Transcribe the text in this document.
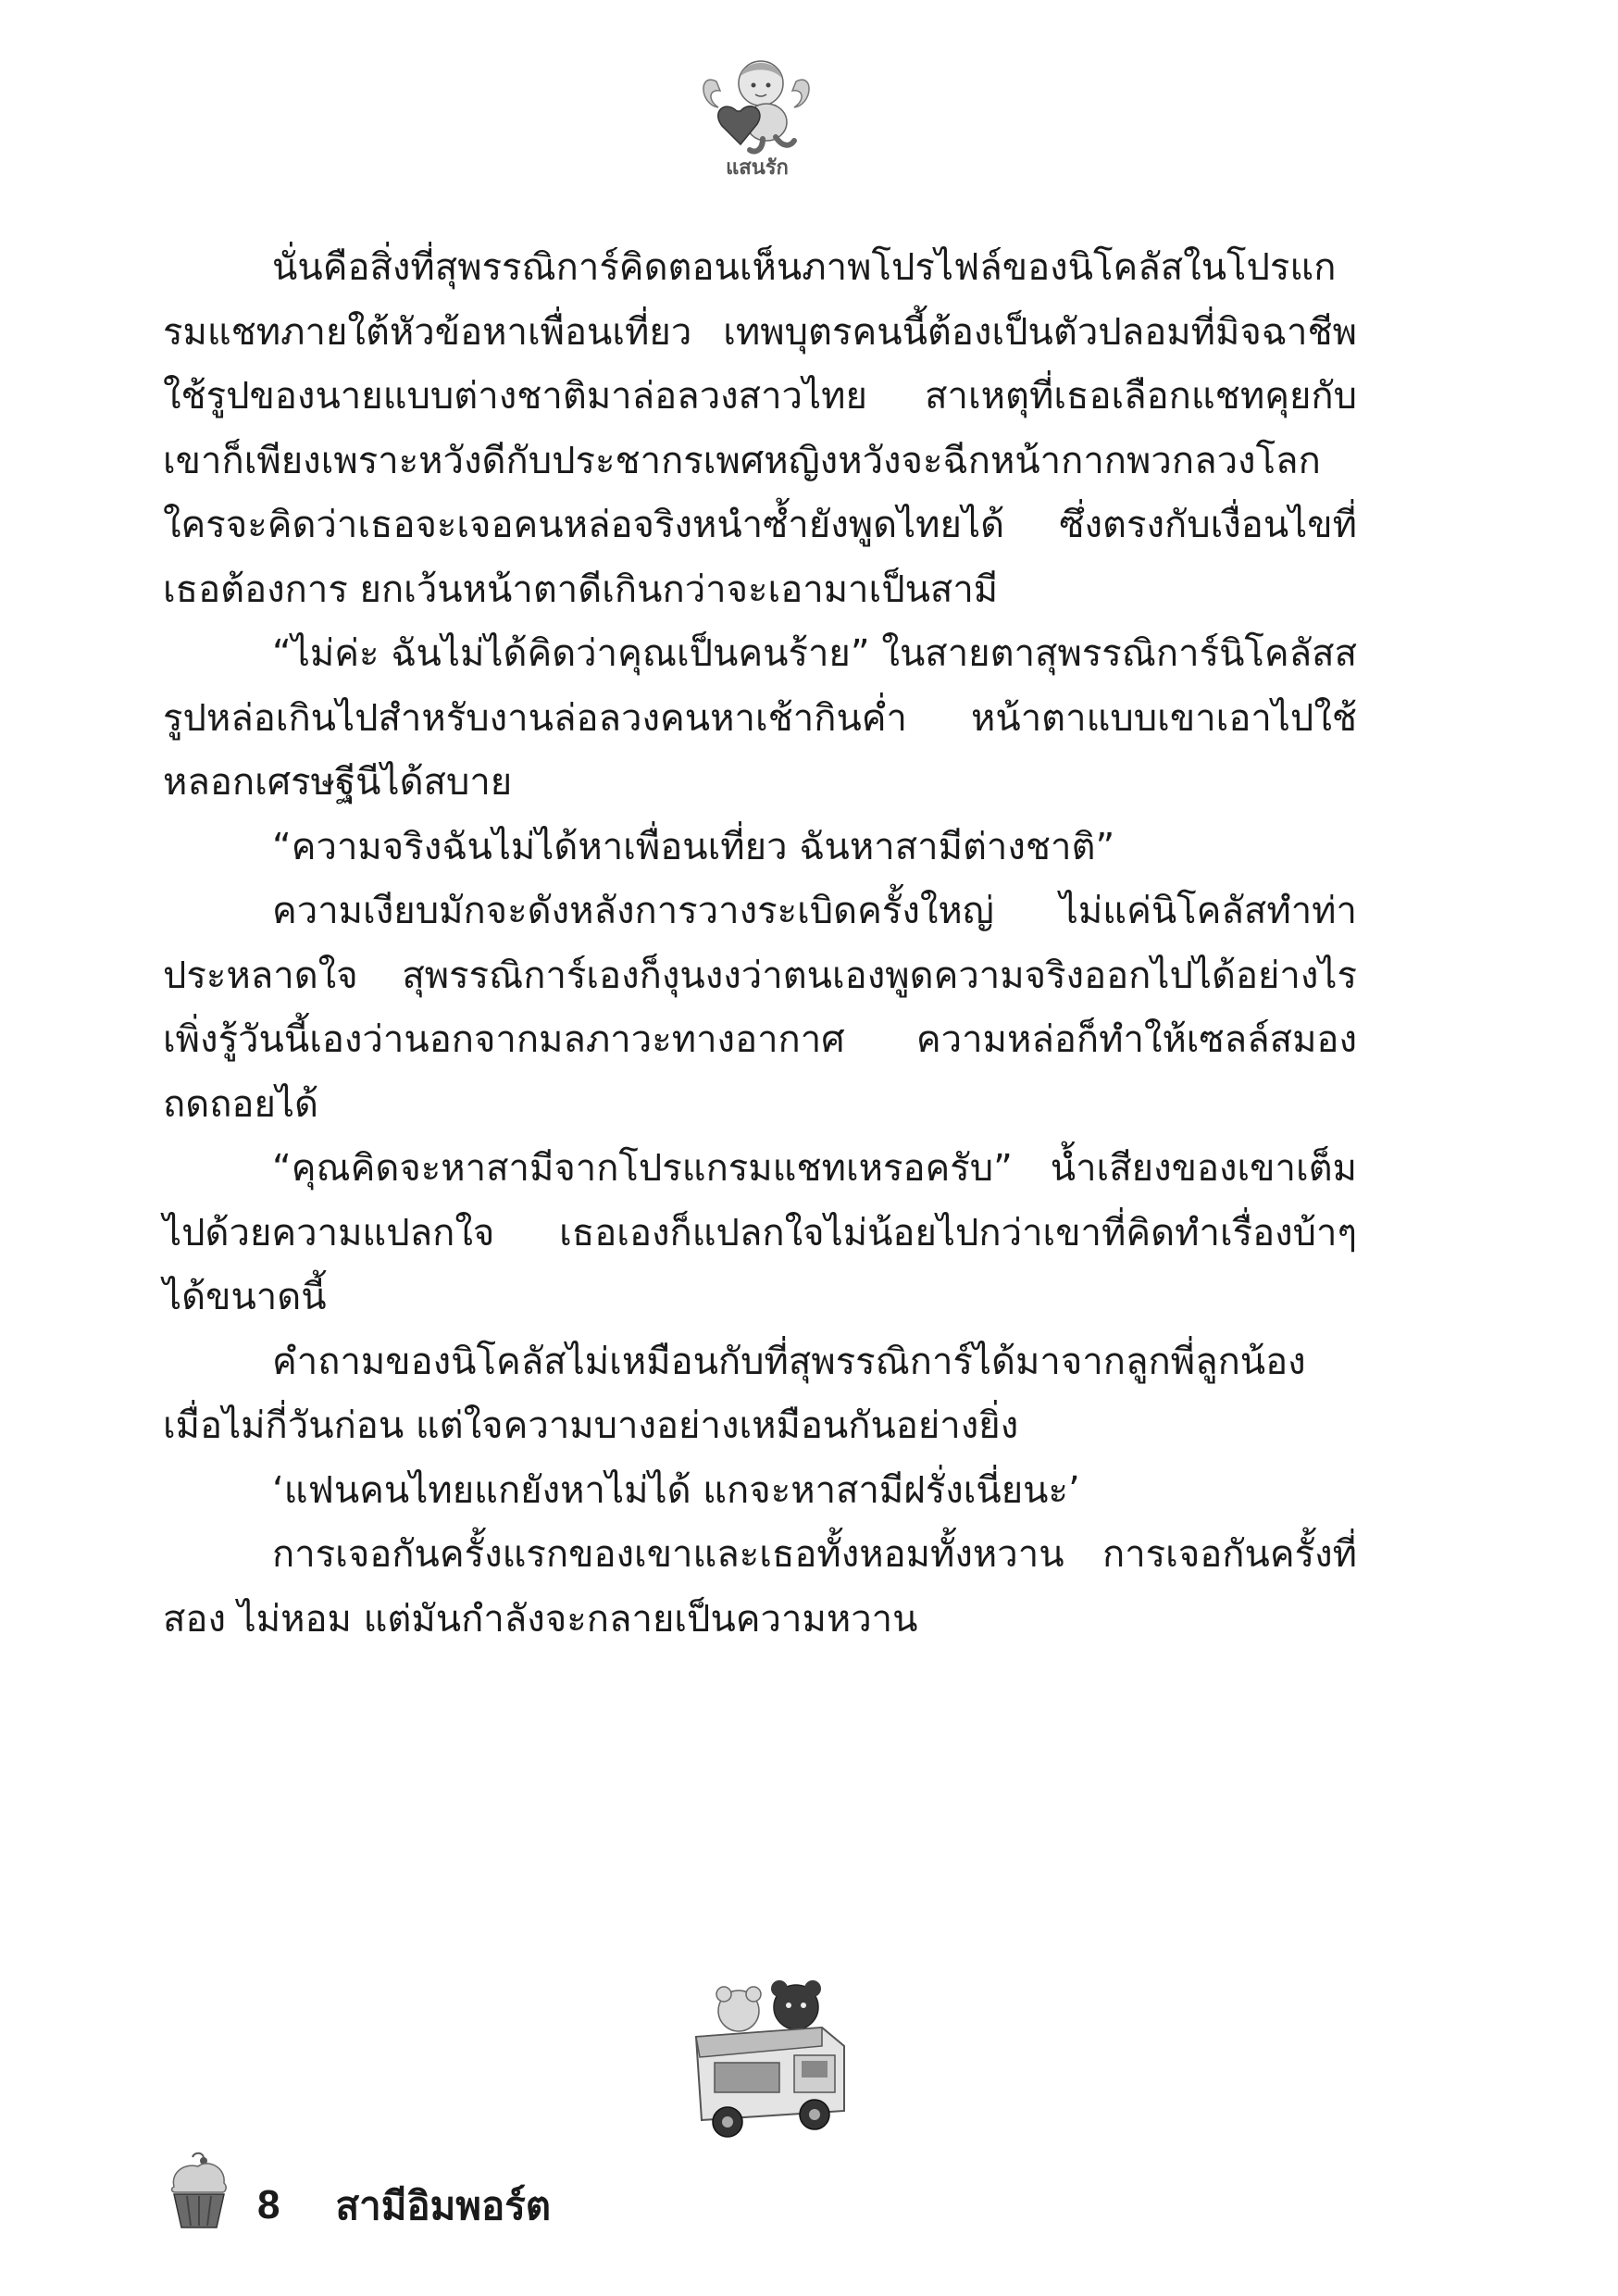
แสนรัก

นั่นคือสิ่งที่สุพรรณิการ์คิดตอนเห็นภาพโปรไฟล์ของนิโคลัสในโปรแกรมแชทภายใต้หัวข้อหาเพื่อนเที่ยว เทพบุตรคนนี้ต้องเป็นตัวปลอมที่มิจฉาชีพใช้รูปของนายแบบต่างชาติมาล่อลวงสาวไทย สาเหตุที่เธอเลือกแชทคุยกับเขาก็เพียงเพราะหวังดีกับประชากรเพศหญิงหวังจะฉีกหน้ากากพวกลวงโลก ใครจะคิดว่าเธอจะเจอคนหล่อจริงหนำซ้ำยังพูดไทยได้ ซึ่งตรงกับเงื่อนไขที่เธอต้องการ ยกเว้นหน้าตาดีเกินกว่าจะเอามาเป็นสามี

“ไม่ค่ะ ฉันไม่ได้คิดว่าคุณเป็นคนร้าย” ในสายตาสุพรรณิการ์นิโคลัสสรูปหล่อเกินไปสำหรับงานล่อลวงคนหาเช้ากินค่ำ หน้าตาแบบเขาเอาไปใช้หลอกเศรษฐีนีได้สบาย

“ความจริงฉันไม่ได้หาเพื่อนเที่ยว ฉันหาสามีต่างชาติ”

ความเงียบมักจะดังหลังการวางระเบิดครั้งใหญ่ ไม่แค่นิโคลัสทำท่าประหลาดใจ สุพรรณิการ์เองก็งุนงงว่าตนเองพูดความจริงออกไปได้อย่างไร เพิ่งรู้วันนี้เองว่านอกจากมลภาวะทางอากาศ ความหล่อก็ทำให้เซลล์สมองถดถอยได้

“คุณคิดจะหาสามีจากโปรแกรมแชทเหรอครับ” น้ำเสียงของเขาเต็มไปด้วยความแปลกใจ เธอเองก็แปลกใจไม่น้อยไปกว่าเขาที่คิดทำเรื่องบ้าๆ ได้ขนาดนี้

คำถามของนิโคลัสไม่เหมือนกับที่สุพรรณิการ์ได้มาจากลูกพี่ลูกน้องเมื่อไม่กี่วันก่อน แต่ใจความบางอย่างเหมือนกันอย่างยิ่ง

‘แฟนคนไทยแกยังหาไม่ได้ แกจะหาสามีฝรั่งเนี่ยนะ’

การเจอกันครั้งแรกของเขาและเธอทั้งหอมทั้งหวาน การเจอกันครั้งที่สอง ไม่หอม แต่มันกำลังจะกลายเป็นความหวาน

8 สามีอิมพอร์ต
